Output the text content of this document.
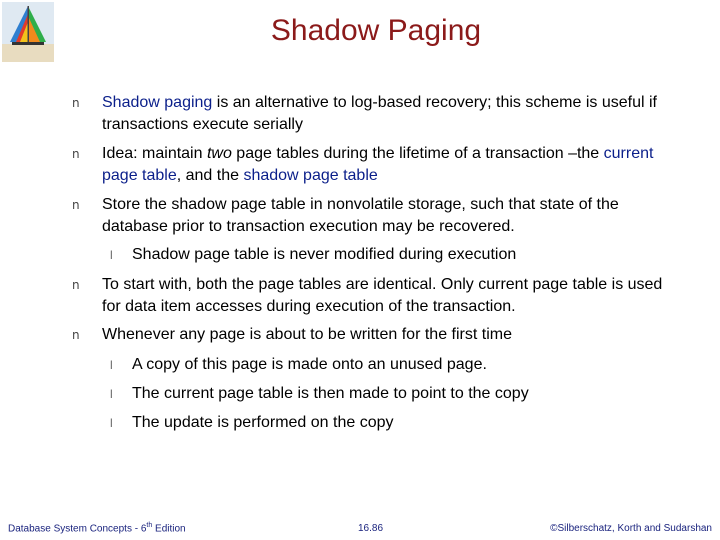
Shadow Paging
n Shadow paging is an alternative to log-based recovery; this scheme is useful if transactions execute serially
n Idea: maintain two page tables during the lifetime of a transaction –the current page table, and the shadow page table
n Store the shadow page table in nonvolatile storage, such that state of the database prior to transaction execution may be recovered.
l Shadow page table is never modified during execution
n To start with, both the page tables are identical. Only current page table is used for data item accesses during execution of the transaction.
n Whenever any page is about to be written for the first time
l A copy of this page is made onto an unused page.
l The current page table is then made to point to the copy
l The update is performed on the copy
Database System Concepts - 6th Edition	16.86	©Silberschatz, Korth and Sudarshan
